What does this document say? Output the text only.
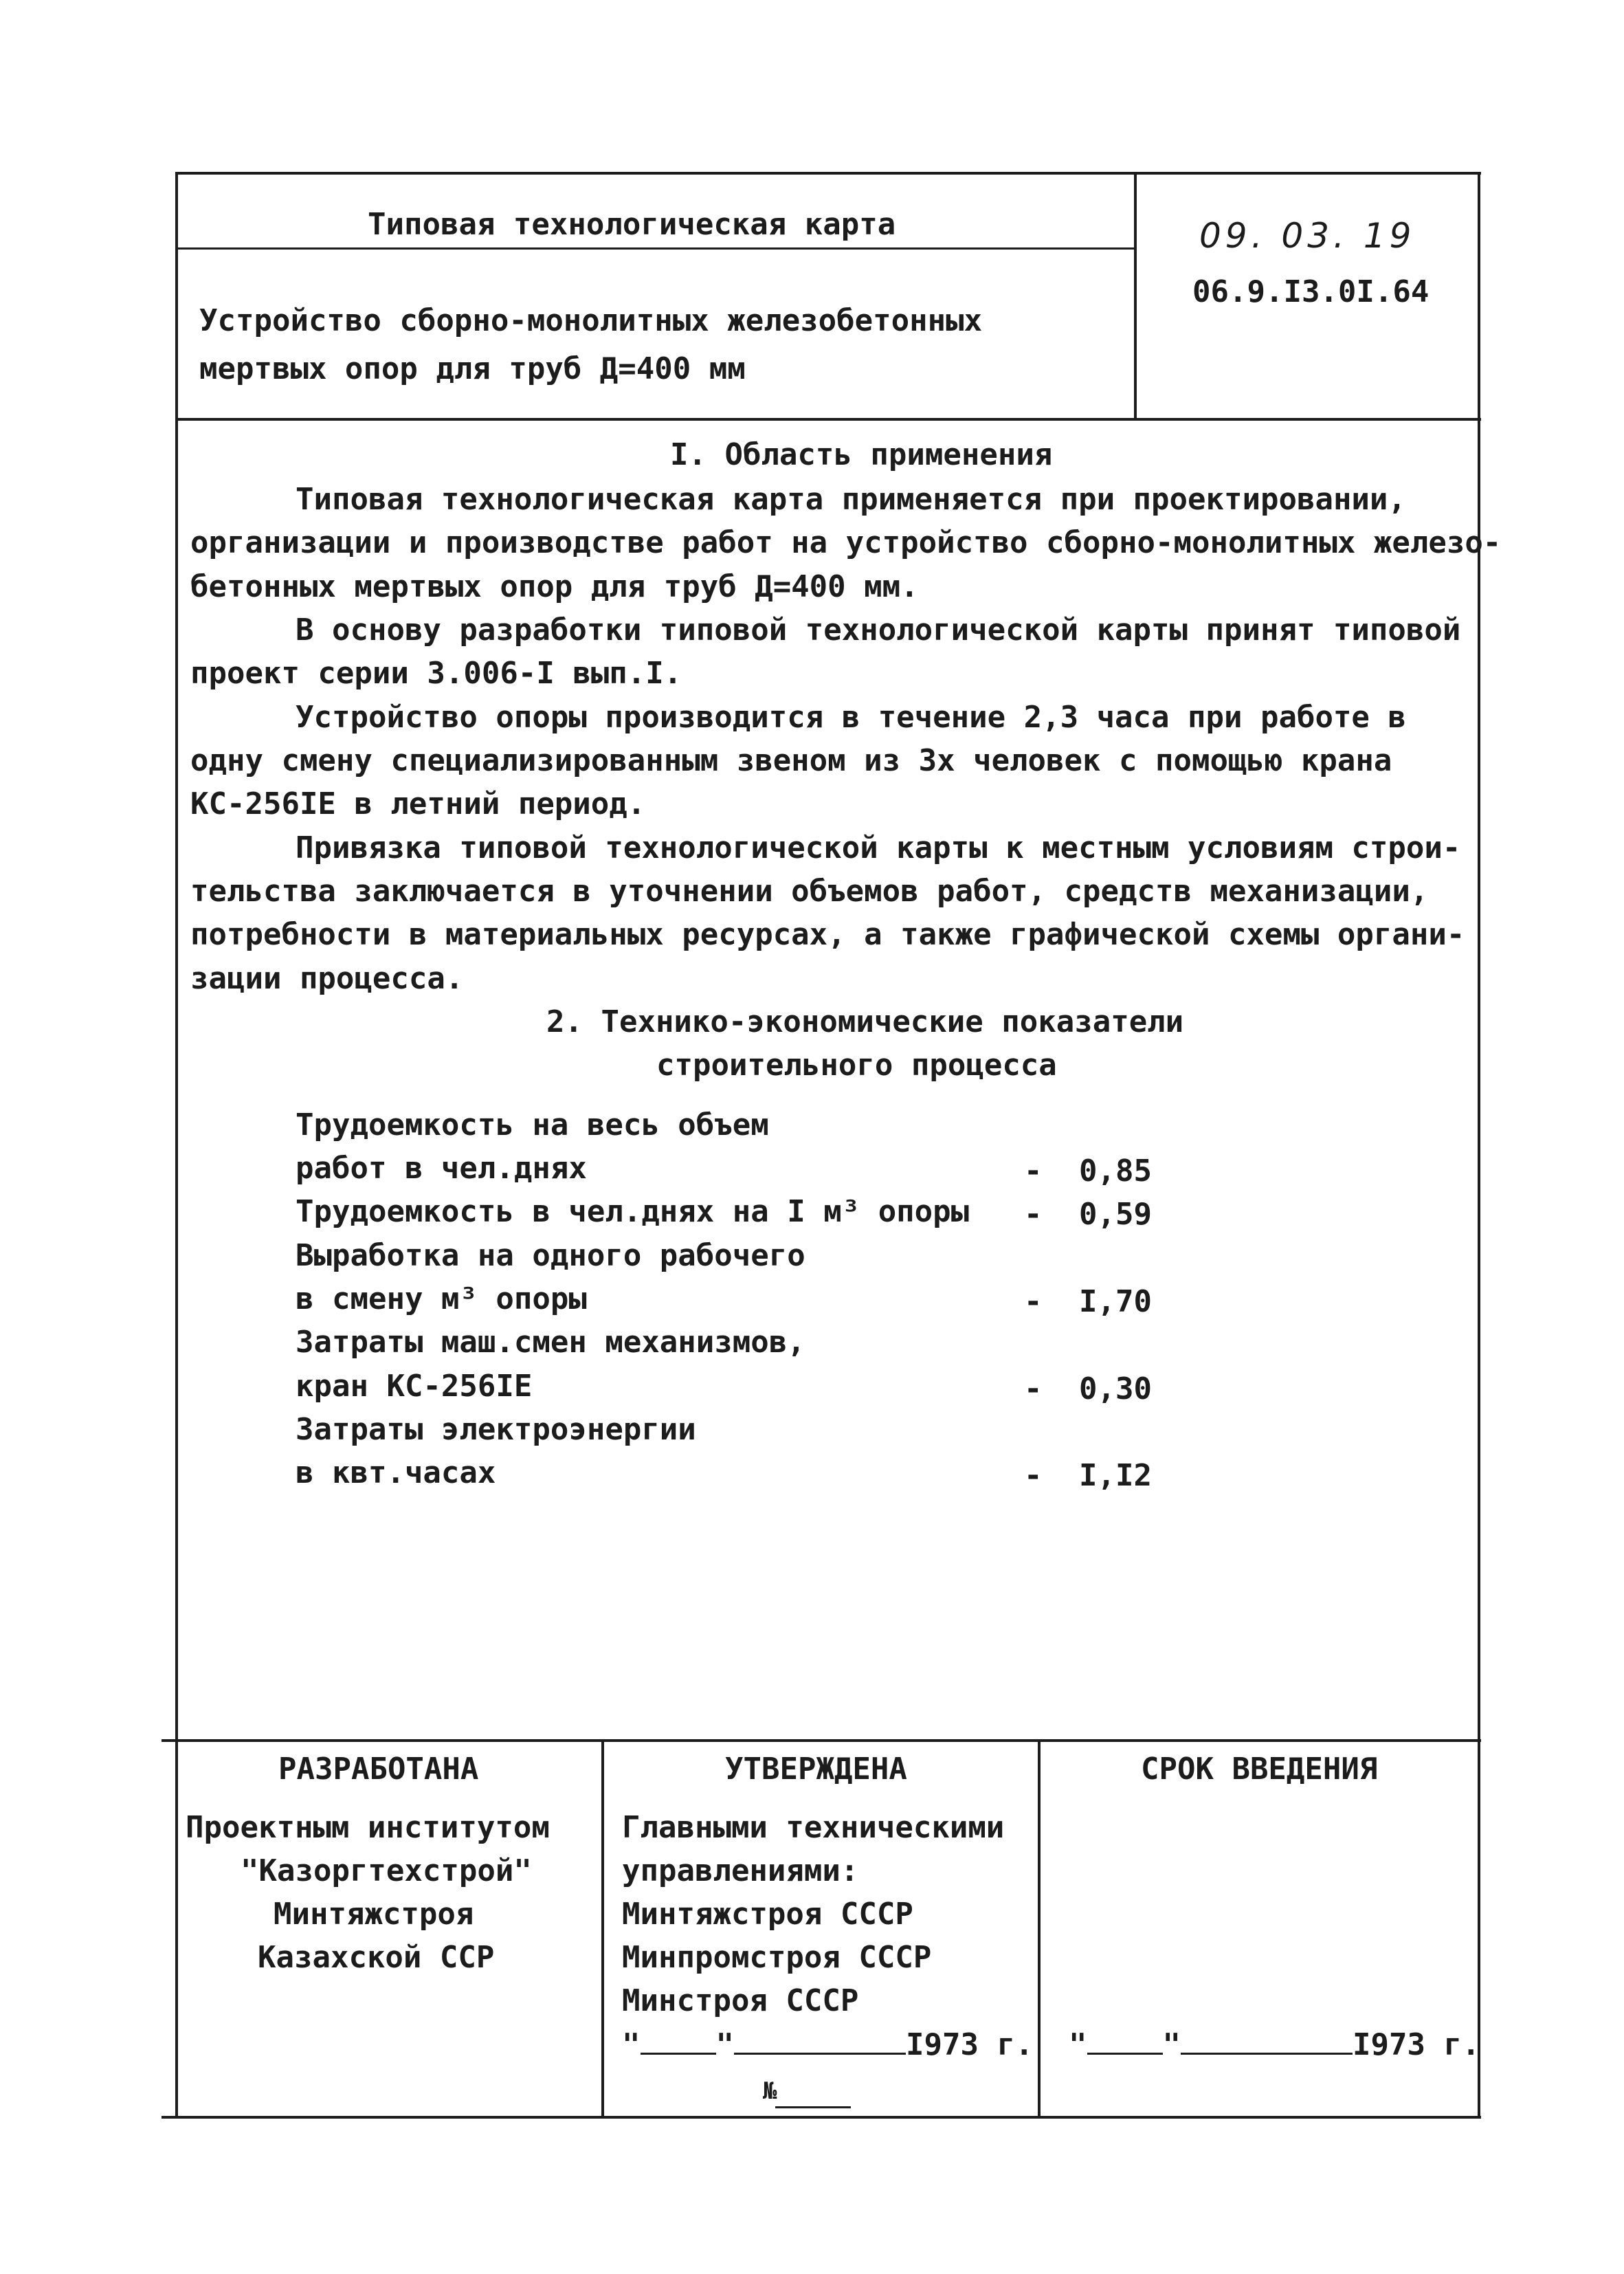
Типовая технологическая карта
Устройство сборно-монолитных железобетонных
мертвых опор для труб Д=400 мм
09. 03. 19
06.9.I3.0I.64
I. Область применения
Типовая технологическая карта применяется при проектировании,
организации и производстве работ на устройство сборно-монолитных железо-
бетонных мертвых опор для труб Д=400 мм.
В основу разработки типовой технологической карты принят типовой
проект серии 3.006-I вып.I.
Устройство опоры производится в течение 2,3 часа при работе в
одну смену специализированным звеном из 3х человек с помощью крана
КС-256IЕ в летний период.
Привязка типовой технологической карты к местным условиям строи-
тельства заключается в уточнении объемов работ, средств механизации,
потребности в материальных ресурсах, а также графической схемы органи-
зации процесса.
2. Технико-экономические показатели
строительного процесса
Трудоемкость на весь объем
работ в чел.днях	- 0,85
Трудоемкость в чел.днях на I м³ опоры - 0,59
Выработка на одного рабочего
в смену м³ опоры	- I,70
Затраты маш.смен механизмов,
кран КС-256IЕ	- 0,30
Затраты электроэнергии
в квт.часах	- I,I2
РАЗРАБОТАНА
Проектным институтом
"Казоргтехстрой"
Минтяжстроя
Казахской ССР
УТВЕРЖДЕНА
Главными техническими
управлениями:
Минтяжстроя СССР
Минпромстроя СССР
Минстроя СССР
"	"	I973 г.
№
СРОК ВВЕДЕНИЯ
"	"	I973 г.
